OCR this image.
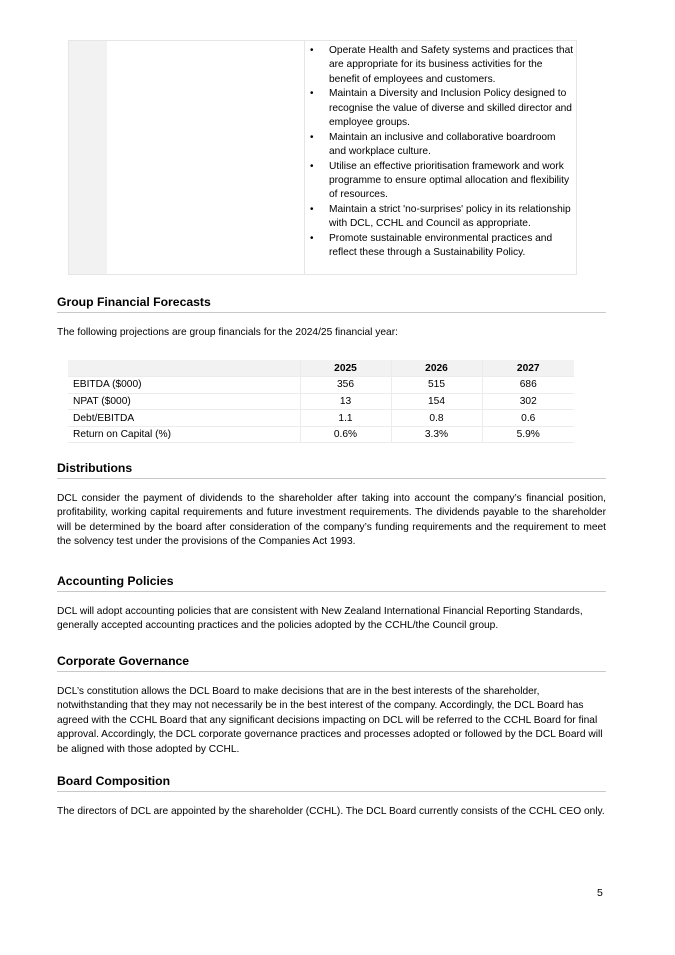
• Operate Health and Safety systems and practices that are appropriate for its business activities for the benefit of employees and customers.
• Maintain a Diversity and Inclusion Policy designed to recognise the value of diverse and skilled director and employee groups.
• Maintain an inclusive and collaborative boardroom and workplace culture.
• Utilise an effective prioritisation framework and work programme to ensure optimal allocation and flexibility of resources.
• Maintain a strict 'no-surprises' policy in its relationship with DCL, CCHL and Council as appropriate.
• Promote sustainable environmental practices and reflect these through a Sustainability Policy.
Group Financial Forecasts
The following projections are group financials for the 2024/25 financial year:
	2025	2026	2027
EBITDA ($000)	356	515	686
NPAT ($000)	13	154	302
Debt/EBITDA	1.1	0.8	0.6
Return on Capital (%)	0.6%	3.3%	5.9%
Distributions
DCL consider the payment of dividends to the shareholder after taking into account the company’s financial position, profitability, working capital requirements and future investment requirements. The dividends payable to the shareholder will be determined by the board after consideration of the company’s funding requirements and the requirement to meet the solvency test under the provisions of the Companies Act 1993.
Accounting Policies
DCL will adopt accounting policies that are consistent with New Zealand International Financial Reporting Standards, generally accepted accounting practices and the policies adopted by the CCHL/the Council group.
Corporate Governance
DCL’s constitution allows the DCL Board to make decisions that are in the best interests of the shareholder, notwithstanding that they may not necessarily be in the best interest of the company. Accordingly, the DCL Board has agreed with the CCHL Board that any significant decisions impacting on DCL will be referred to the CCHL Board for final approval. Accordingly, the DCL corporate governance practices and processes adopted or followed by the DCL Board will be aligned with those adopted by CCHL.
Board Composition
The directors of DCL are appointed by the shareholder (CCHL). The DCL Board currently consists of the CCHL CEO only.
5
